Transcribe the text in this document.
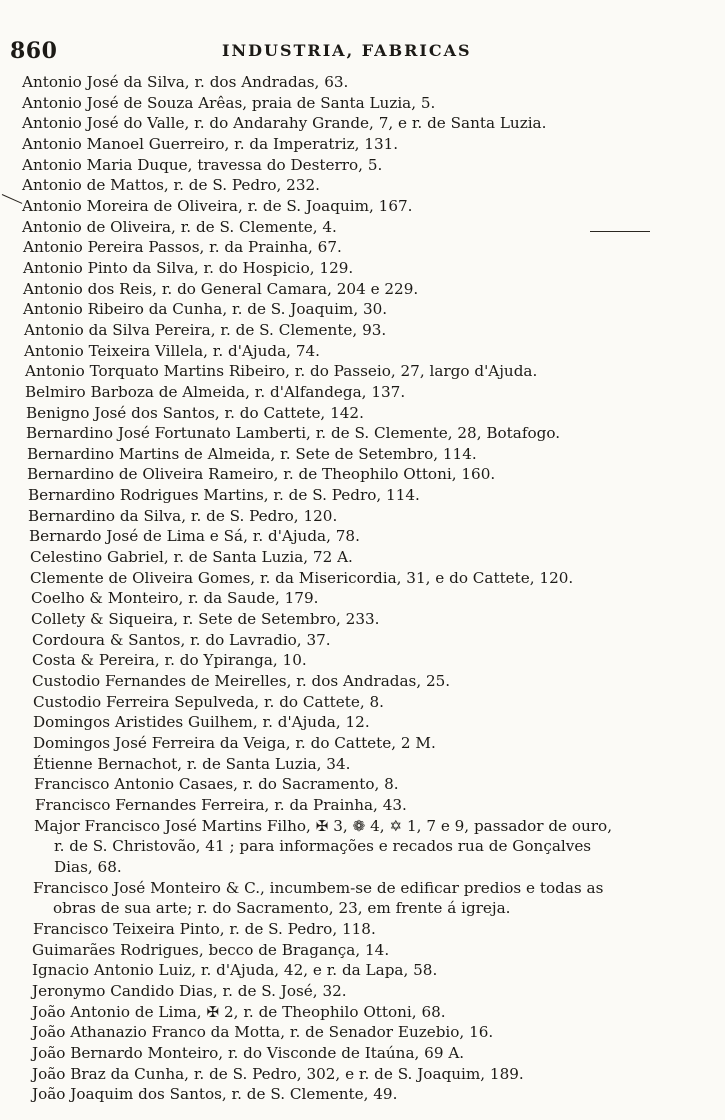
860	INDUSTRIA, FABRICAS
Antonio José da Silva, r. dos Andradas, 63.
Antonio José de Souza Arêas, praia de Santa Luzia, 5.
Antonio José do Valle, r. do Andarahy Grande, 7, e r. de Santa Luzia.
Antonio Manoel Guerreiro, r. da Imperatriz, 131.
Antonio Maria Duque, travessa do Desterro, 5.
Antonio de Mattos, r. de S. Pedro, 232.
Antonio Moreira de Oliveira, r. de S. Joaquim, 167.
Antonio de Oliveira, r. de S. Clemente, 4.
Antonio Pereira Passos, r. da Prainha, 67.
Antonio Pinto da Silva, r. do Hospicio, 129.
Antonio dos Reis, r. do General Camara, 204 e 229.
Antonio Ribeiro da Cunha, r. de S. Joaquim, 30.
Antonio da Silva Pereira, r. de S. Clemente, 93.
Antonio Teixeira Villela, r. d'Ajuda, 74.
Antonio Torquato Martins Ribeiro, r. do Passeio, 27, largo d'Ajuda.
Belmiro Barboza de Almeida, r. d'Alfandega, 137.
Benigno José dos Santos, r. do Cattete, 142.
Bernardino José Fortunato Lamberti, r. de S. Clemente, 28, Botafogo.
Bernardino Martins de Almeida, r. Sete de Setembro, 114.
Bernardino de Oliveira Rameiro, r. de Theophilo Ottoni, 160.
Bernardino Rodrigues Martins, r. de S. Pedro, 114.
Bernardino da Silva, r. de S. Pedro, 120.
Bernardo José de Lima e Sá, r. d'Ajuda, 78.
Celestino Gabriel, r. de Santa Luzia, 72 A.
Clemente de Oliveira Gomes, r. da Misericordia, 31, e do Cattete, 120.
Coelho & Monteiro, r. da Saude, 179.
Collety & Siqueira, r. Sete de Setembro, 233.
Cordoura & Santos, r. do Lavradio, 37.
Costa & Pereira, r. do Ypiranga, 10.
Custodio Fernandes de Meirelles, r. dos Andradas, 25.
Custodio Ferreira Sepulveda, r. do Cattete, 8.
Domingos Aristides Guilhem, r. d'Ajuda, 12.
Domingos José Ferreira da Veiga, r. do Cattete, 2 M.
Étienne Bernachot, r. de Santa Luzia, 34.
Francisco Antonio Casaes, r. do Sacramento, 8.
Francisco Fernandes Ferreira, r. da Prainha, 43.
Major Francisco José Martins Filho, ✠ 3, ❁ 4, ✡ 1, 7 e 9, passador de ouro,
r. de S. Christovão, 41 ; para informações e recados rua de Gonçalves
Dias, 68.
Francisco José Monteiro & C., incumbem-se de edificar predios e todas as
obras de sua arte; r. do Sacramento, 23, em frente á igreja.
Francisco Teixeira Pinto, r. de S. Pedro, 118.
Guimarães Rodrigues, becco de Bragança, 14.
Ignacio Antonio Luiz, r. d'Ajuda, 42, e r. da Lapa, 58.
Jeronymo Candido Dias, r. de S. José, 32.
João Antonio de Lima, ✠ 2, r. de Theophilo Ottoni, 68.
João Athanazio Franco da Motta, r. de Senador Euzebio, 16.
João Bernardo Monteiro, r. do Visconde de Itaúna, 69 A.
João Braz da Cunha, r. de S. Pedro, 302, e r. de S. Joaquim, 189.
João Joaquim dos Santos, r. de S. Clemente, 49.
